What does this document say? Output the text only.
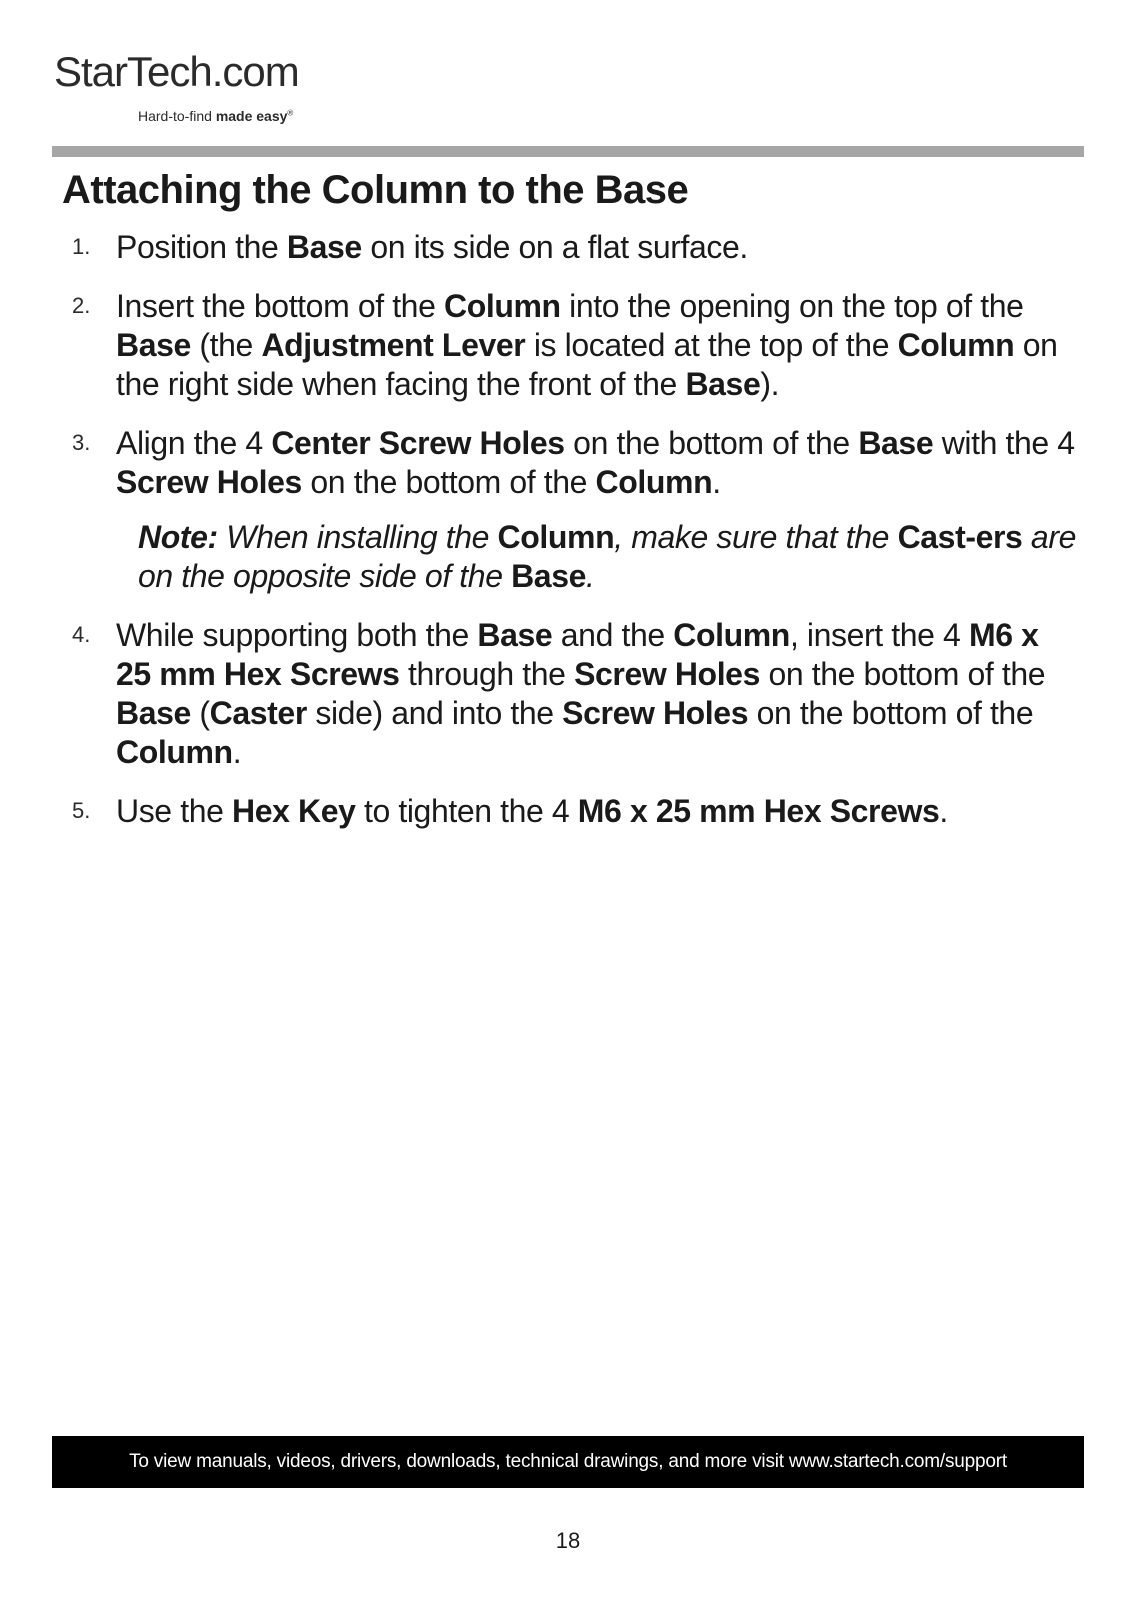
StarTech.com
Hard-to-find made easy®
Attaching the Column to the Base
1. Position the Base on its side on a flat surface.
2. Insert the bottom of the Column into the opening on the top of the Base (the Adjustment Lever is located at the top of the Column on the right side when facing the front of the Base).
3. Align the 4 Center Screw Holes on the bottom of the Base with the 4 Screw Holes on the bottom of the Column.
Note: When installing the Column, make sure that the Cast-ers are on the opposite side of the Base.
4. While supporting both the Base and the Column, insert the 4 M6 x 25 mm Hex Screws through the Screw Holes on the bottom of the Base (Caster side) and into the Screw Holes on the bottom of the Column.
5. Use the Hex Key to tighten the 4 M6 x 25 mm Hex Screws.
To view manuals, videos, drivers, downloads, technical drawings, and more visit www.startech.com/support
18
